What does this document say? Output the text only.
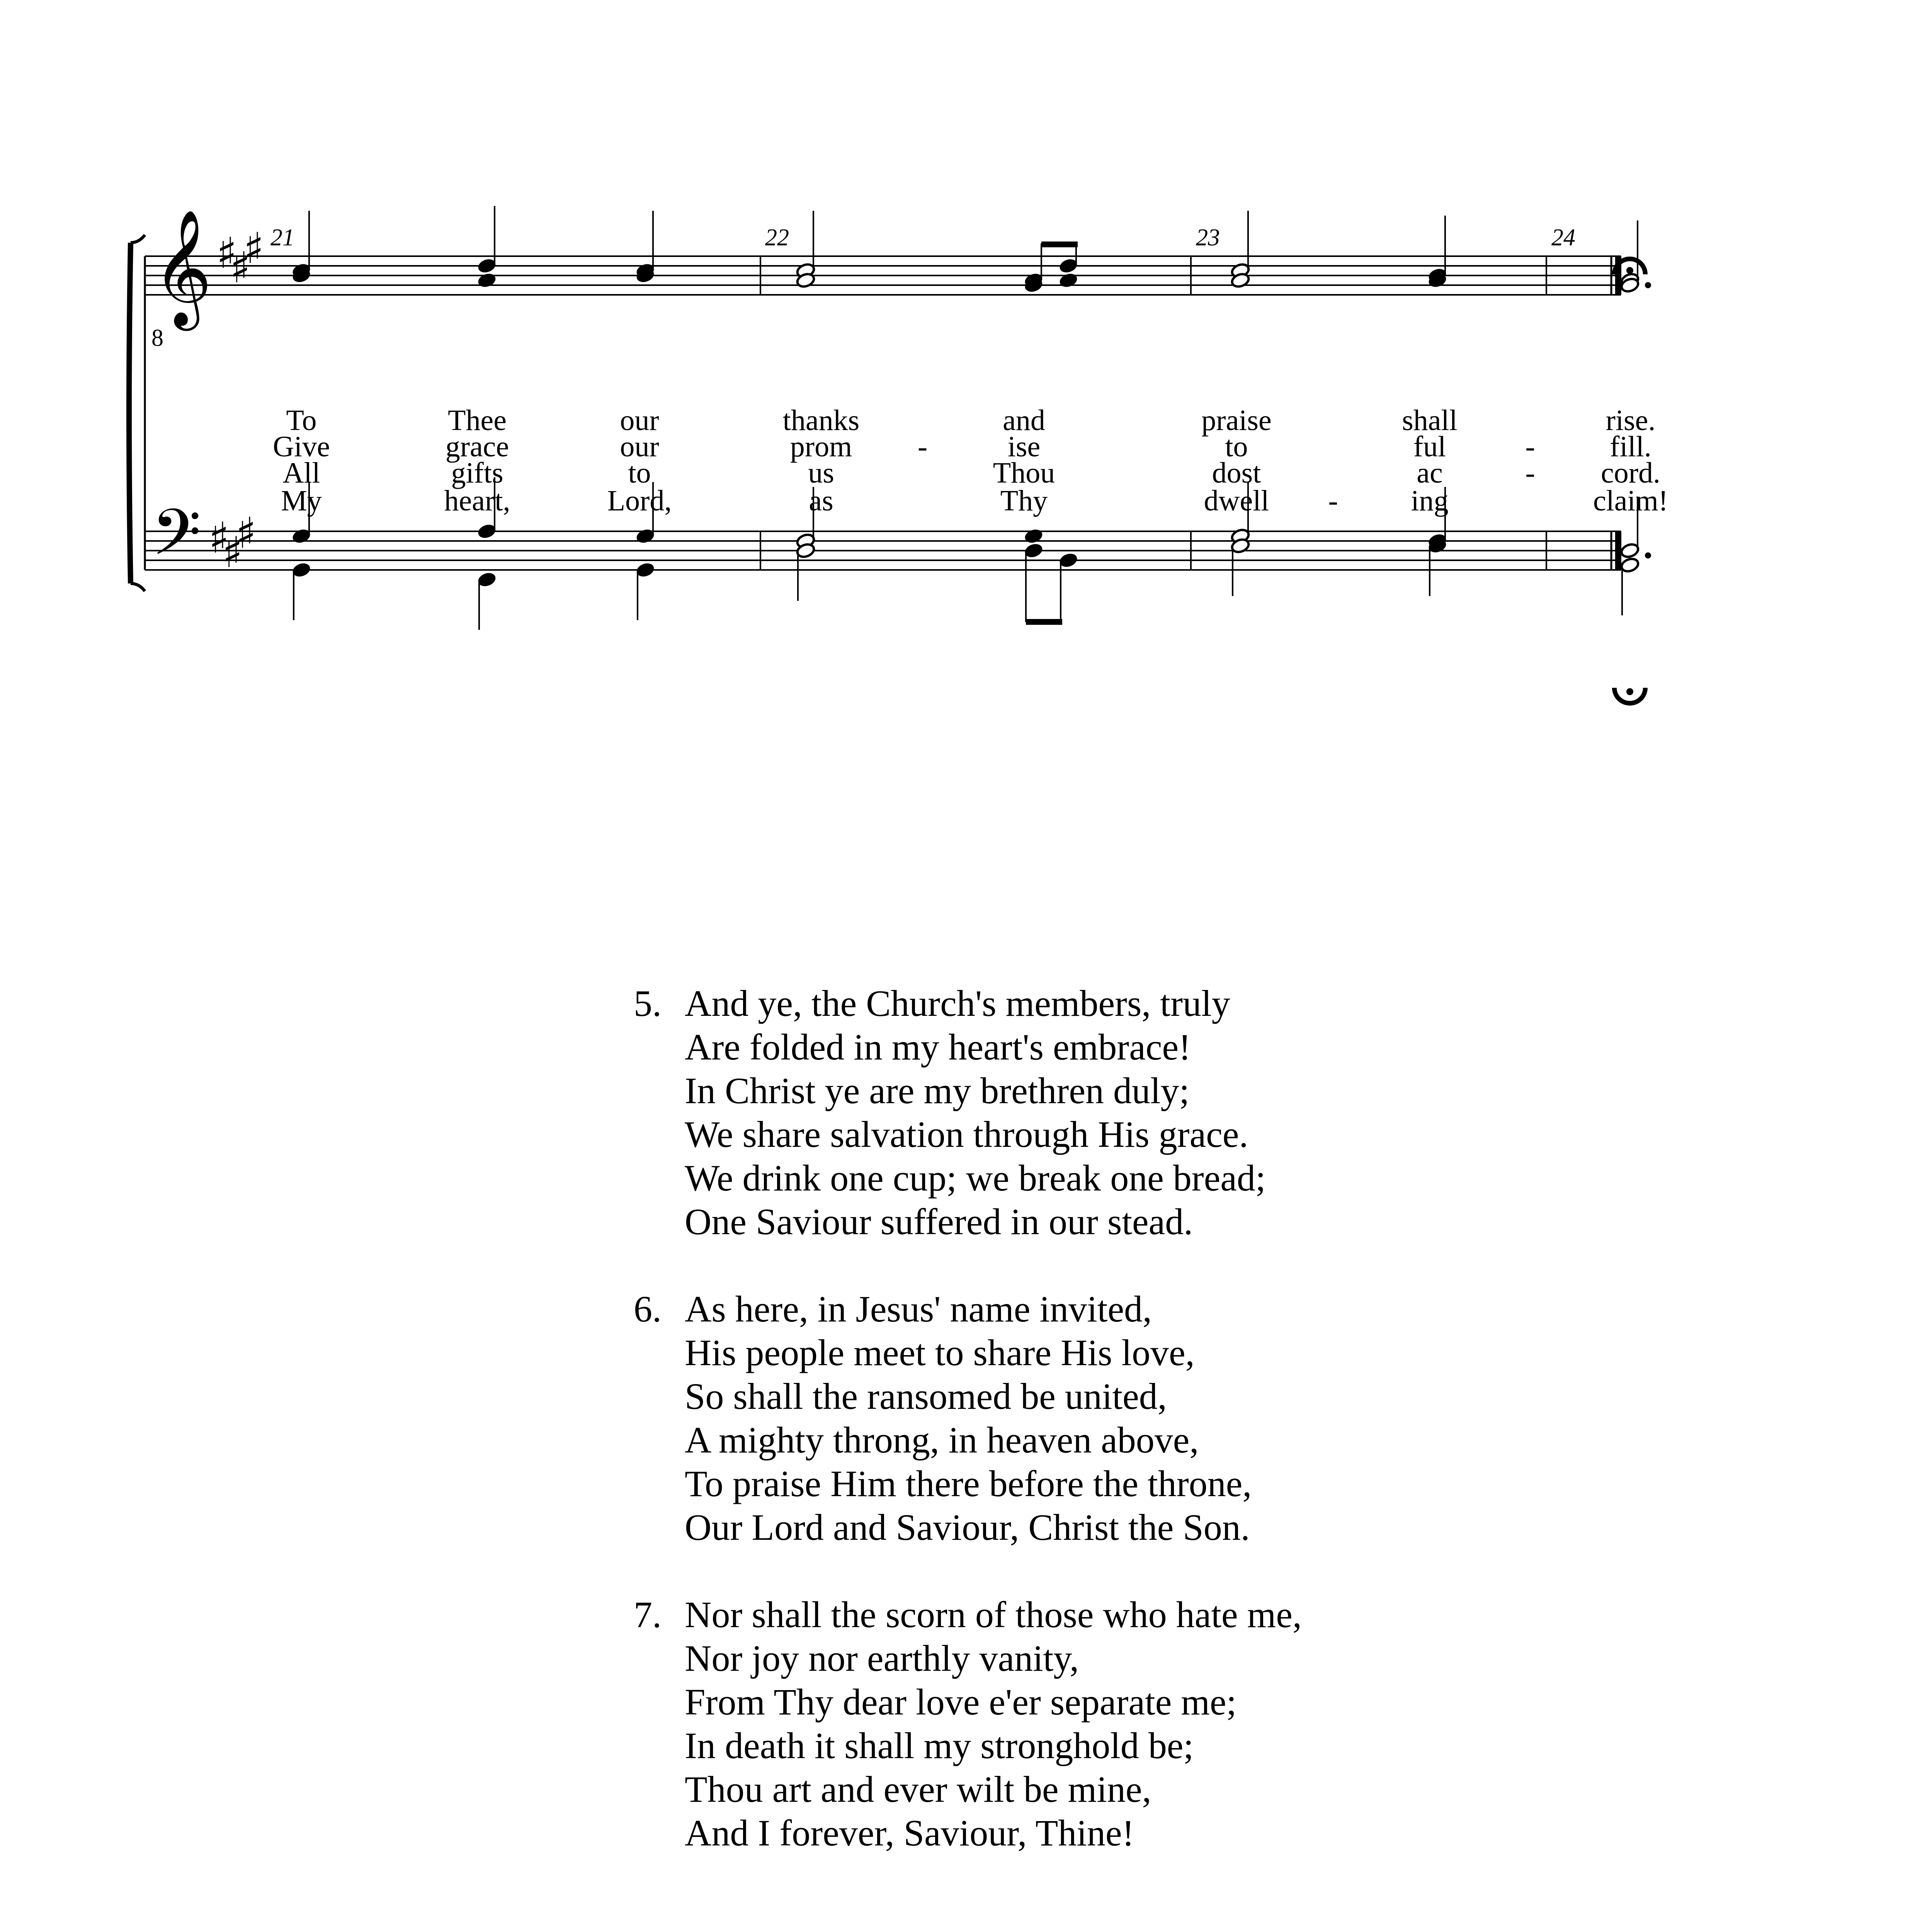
𝄞
8
𝄢
♯
♯
♯
♯
♯
♯
21	22	23	24
To	Thee	our	thanks	and	praise	shall	rise.
Give	grace	our	prom	ise	to	ful	fill.
-	-
All	gifts	to	us	Thou	dost	ac	cord.
-
My	heart,	Lord,	as	Thy	dwell	ing	claim!
-
5. And ye, the Church's members, truly
Are folded in my heart's embrace!
In Christ ye are my brethren duly;
We share salvation through His grace.
We drink one cup; we break one bread;
One Saviour suffered in our stead.
6. As here, in Jesus' name invited,
His people meet to share His love,
So shall the ransomed be united,
A mighty throng, in heaven above,
To praise Him there before the throne,
Our Lord and Saviour, Christ the Son.
7. Nor shall the scorn of those who hate me,
Nor joy nor earthly vanity,
From Thy dear love e'er separate me;
In death it shall my stronghold be;
Thou art and ever wilt be mine,
And I forever, Saviour, Thine!
